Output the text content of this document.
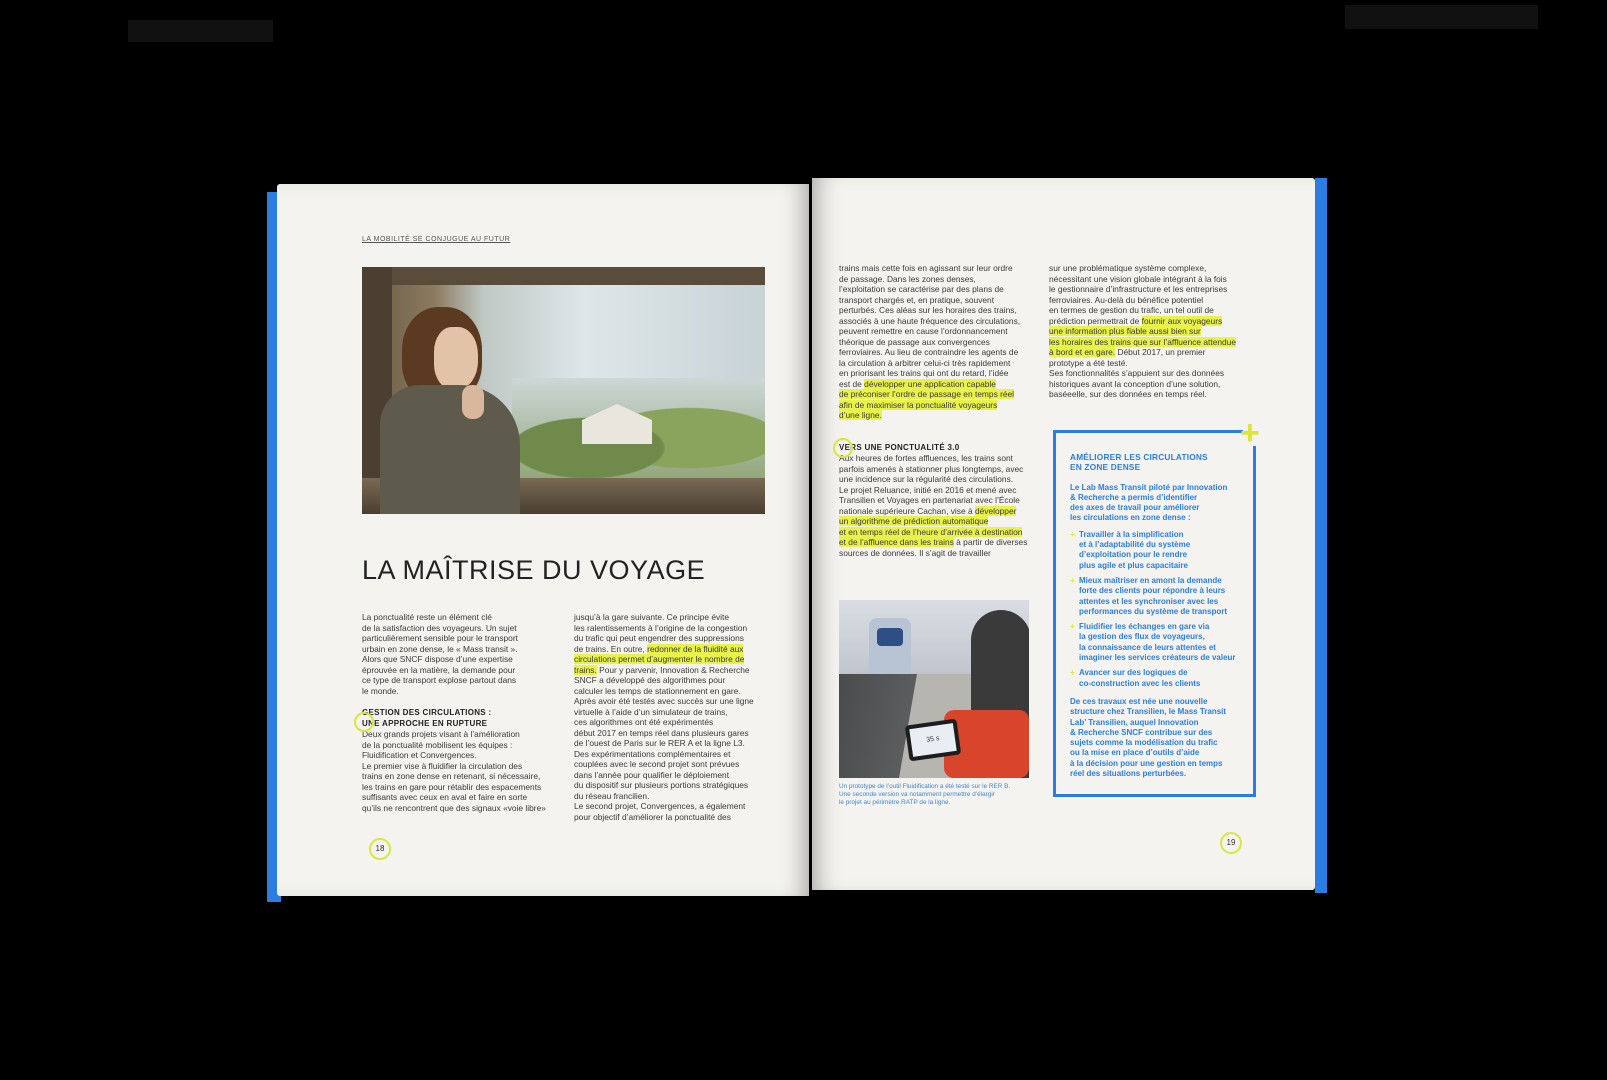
LA MOBILITÉ SE CONJUGUE AU FUTUR
LA MAÎTRISE DU VOYAGE

La ponctualité reste un élément clé
de la satisfaction des voyageurs. Un sujet
particulièrement sensible pour le transport
urbain en zone dense, le « Mass transit ».
Alors que SNCF dispose d’une expertise
éprouvée en la matière, la demande pour
ce type de transport explose partout dans
le monde.

GESTION DES CIRCULATIONS :
UNE APPROCHE EN RUPTURE

Deux grands projets visant à l’amélioration
de la ponctualité mobilisent les équipes :
Fluidification et Convergences.
Le premier vise à fluidifier la circulation des
trains en zone dense en retenant, si nécessaire,
les trains en gare pour rétablir des espacements
suffisants avec ceux en aval et faire en sorte
qu’ils ne rencontrent que des signaux «voie libre»

jusqu’à la gare suivante. Ce principe évite
les ralentissements à l’origine de la congestion
du trafic qui peut engendrer des suppressions
de trains. En outre, redonner de la fluidité aux
circulations permet d’augmenter le nombre de
trains. Pour y parvenir, Innovation & Recherche
SNCF a développé des algorithmes pour
calculer les temps de stationnement en gare.
Après avoir été testés avec succès sur une ligne
virtuelle à l’aide d’un simulateur de trains,
ces algorithmes ont été expérimentés
début 2017 en temps réel dans plusieurs gares
de l’ouest de Paris sur le RER A et la ligne L3.
Des expérimentations complémentaires et
couplées avec le second projet sont prévues
dans l’année pour qualifier le déploiement
du dispositif sur plusieurs portions stratégiques
du réseau francilien.
Le second projet, Convergences, a également
pour objectif d’améliorer la ponctualité des

18

trains mais cette fois en agissant sur leur ordre
de passage. Dans les zones denses,
l’exploitation se caractérise par des plans de
transport chargés et, en pratique, souvent
perturbés. Ces aléas sur les horaires des trains,
associés à une haute fréquence des circulations,
peuvent remettre en cause l’ordonnancement
théorique de passage aux convergences
ferroviaires. Au lieu de contraindre les agents de
la circulation à arbitrer celui-ci très rapidement
en priorisant les trains qui ont du retard, l’idée
est de développer une application capable
de préconiser l’ordre de passage en temps réel
afin de maximiser la ponctualité voyageurs
d’une ligne.

VERS UNE PONCTUALITÉ 3.0

Aux heures de fortes affluences, les trains sont
parfois amenés à stationner plus longtemps, avec
une incidence sur la régularité des circulations.
Le projet Reluance, initié en 2016 et mené avec
Transilien et Voyages en partenariat avec l’École
nationale supérieure Cachan, vise à développer
un algorithme de prédiction automatique
et en temps réel de l’heure d’arrivée à destination
et de l’affluence dans les trains à partir de diverses
sources de données. Il s’agit de travailler

sur une problématique système complexe,
nécessitant une vision globale intégrant à la fois
le gestionnaire d’infrastructure et les entreprises
ferroviaires. Au-delà du bénéfice potentiel
en termes de gestion du trafic, un tel outil de
prédiction permettrait de fournir aux voyageurs
une information plus fiable aussi bien sur
les horaires des trains que sur l’affluence attendue
à bord et en gare. Début 2017, un premier
prototype a été testé.
Ses fonctionnalités s’appuient sur des données
historiques avant la conception d’une solution,
baséeelle, sur des données en temps réel.

35 s
Un prototype de l’outil Fluidification a été testé sur le RER B.
Une seconde version va notamment permettre d’élargir
le projet au périmètre RATP de la ligne.
+

AMÉLIORER LES CIRCULATIONS
EN ZONE DENSE

Le Lab Mass Transit piloté par Innovation
& Recherche a permis d’identifier
des axes de travail pour améliorer
les circulations en zone dense :

+ Travailler à la simplification
et à l’adaptabilité du système
d’exploitation pour le rendre
plus agile et plus capacitaire
+ Mieux maîtriser en amont la demande
forte des clients pour répondre à leurs
attentes et les synchroniser avec les
performances du système de transport
+ Fluidifier les échanges en gare via
la gestion des flux de voyageurs,
la connaissance de leurs attentes et
imaginer les services créateurs de valeur
+ Avancer sur des logiques de
co-construction avec les clients

De ces travaux est née une nouvelle
structure chez Transilien, le Mass Transit
Lab’ Transilien, auquel Innovation
& Recherche SNCF contribue sur des
sujets comme la modélisation du trafic
ou la mise en place d’outils d’aide
à la décision pour une gestion en temps
réel des situations perturbées.

19
